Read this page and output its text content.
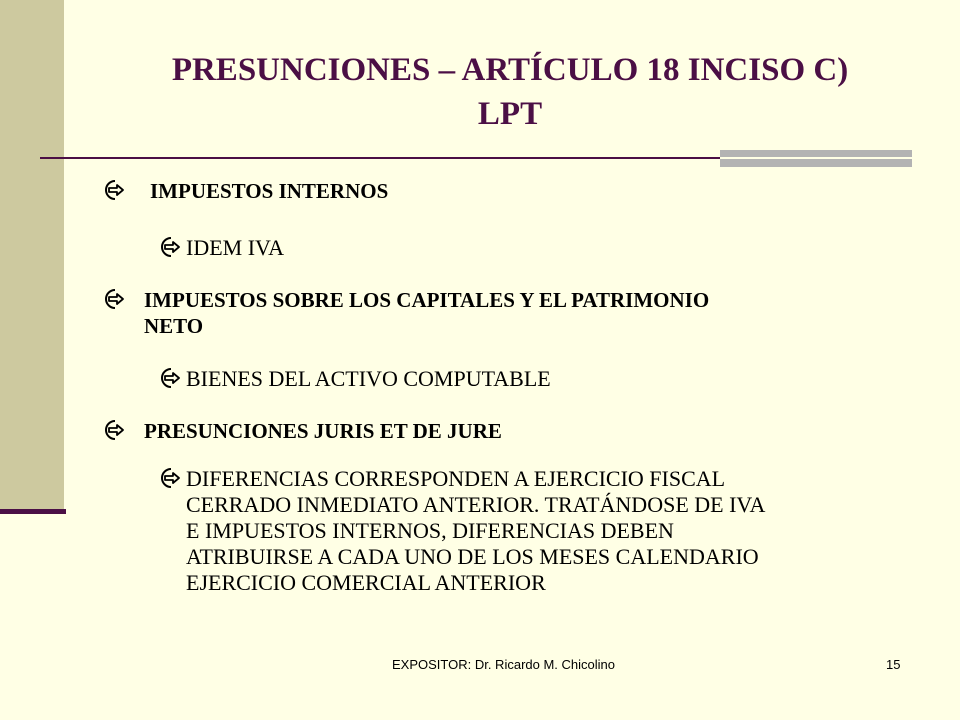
PRESUNCIONES – ARTÍCULO 18 INCISO C)
LPT
IMPUESTOS INTERNOS
IDEM IVA
IMPUESTOS SOBRE LOS CAPITALES Y EL PATRIMONIO
NETO
BIENES DEL ACTIVO COMPUTABLE
PRESUNCIONES JURIS ET DE JURE
DIFERENCIAS CORRESPONDEN A EJERCICIO FISCAL
CERRADO INMEDIATO ANTERIOR. TRATÁNDOSE DE IVA
E IMPUESTOS INTERNOS, DIFERENCIAS DEBEN
ATRIBUIRSE A CADA UNO DE LOS MESES CALENDARIO
EJERCICIO COMERCIAL ANTERIOR
EXPOSITOR: Dr. Ricardo M. Chicolino	15
